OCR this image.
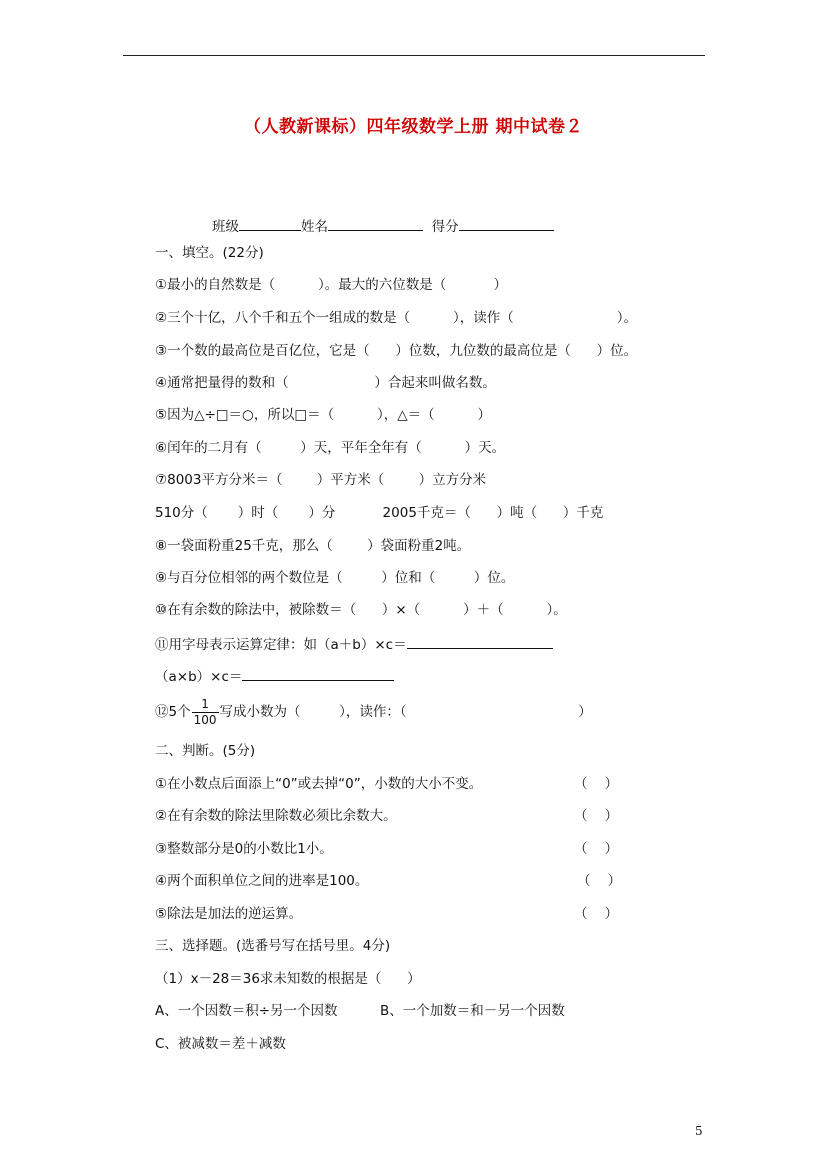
（人教新课标）四年级数学上册 期中试卷２
班级	姓名	得分
一、填空。(22分)
①最小的自然数是（          ）。最大的六位数是（           ）
②三个十亿，八个千和五个一组成的数是（          ），读作（                        ）。
③一个数的最高位是百亿位，它是（      ）位数，九位数的最高位是（      ）位。
④通常把量得的数和（                    ）合起来叫做名数。
⑤因为△÷□＝○，所以□＝（          ），△＝（          ）
⑥闰年的二月有（         ）天，平年全年有（          ）天。
⑦8003平方分米＝（        ）平方米（        ）立方分米
510分（       ）时（       ）分           2005千克＝（      ）吨（      ）千克
⑧一袋面粉重25千克，那么（        ）袋面粉重2吨。
⑨与百分位相邻的两个数位是（         ）位和（         ）位。
⑩在有余数的除法中，被除数＝（      ）×（          ）＋（          ）。
⑪用字母表示运算定律：如（a＋b）×c＝
（a×b）×c＝
⑫5个 $\frac{1}{100}$ 写成小数为（         ），读作：（                                        ）
二、判断。(5分)
①在小数点后面添上“0”或去掉“0”，小数的大小不变。	（    ）
②在有余数的除法里除数必须比余数大。	（    ）
③整数部分是0的小数比1小。	（    ）
④两个面积单位之间的进率是100。	（    ）
⑤除法是加法的逆运算。	（    ）
三、选择题。(选番号写在括号里。4分)
（1）x－28＝36求未知数的根据是（      ）
A、一个因数＝积÷另一个因数	B、一个加数＝和－另一个因数
C、被减数＝差＋减数
5
